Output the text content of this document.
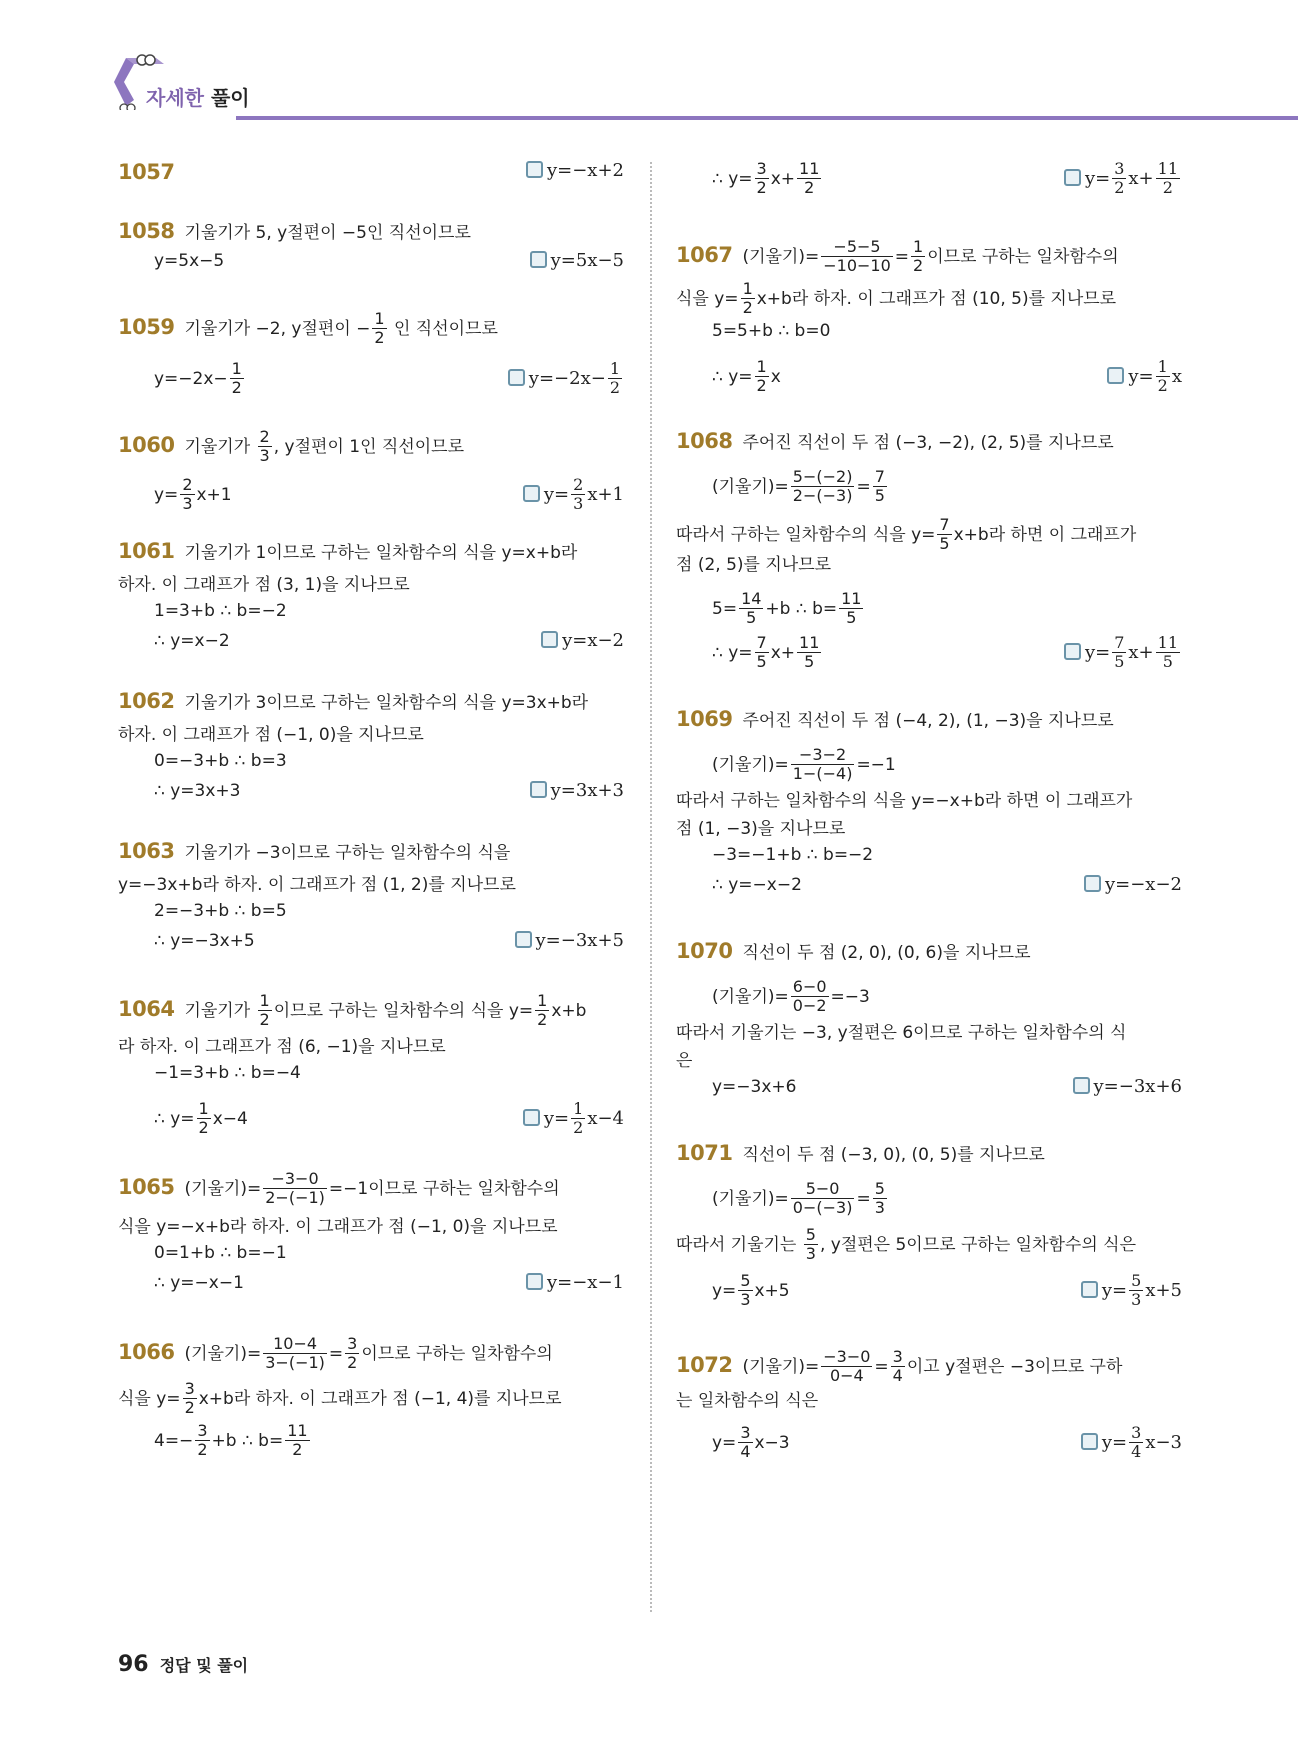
자세한 풀이
1057	y=−x+2
1058 기울기가 5, y절편이 −5인 직선이므로
y=5x−5	y=5x−5
1059 기울기가 −2, y절편이 − $\frac{1}{2}$ 인 직선이므로
$y=-2x- \frac{1}{2}$	$y=-2x- \frac{1}{2}$
1060 기울기가 $\frac{2}{3}$ , y절편이 1인 직선이므로
$y= \frac{2}{3} x+1$	$y= \frac{2}{3} x+1$
1061 기울기가 1이므로 구하는 일차함수의 식을 y=x+b라
하자. 이 그래프가 점 (3, 1)을 지나므로
1=3+b ∴ b=−2
∴ y=x−2	y=x−2
1062 기울기가 3이므로 구하는 일차함수의 식을 y=3x+b라
하자. 이 그래프가 점 (−1, 0)을 지나므로
0=−3+b ∴ b=3
∴ y=3x+3	y=3x+3
1063 기울기가 −3이므로 구하는 일차함수의 식을
y=−3x+b라 하자. 이 그래프가 점 (1, 2)를 지나므로
2=−3+b ∴ b=5
∴ y=−3x+5	y=−3x+5
1064 기울기가 $\frac{1}{2}$ 이므로 구하는 일차함수의 식을 $y= \frac{1}{2} x+b$
라 하자. 이 그래프가 점 (6, −1)을 지나므로
−1=3+b ∴ b=−4
∴ $y= \frac{1}{2} x-4$	$y= \frac{1}{2} x-4$
1065 (기울기)= $\frac{-3-0}{2-(-1)} =-1$이므로 구하는 일차함수의
식을 y=−x+b라 하자. 이 그래프가 점 (−1, 0)을 지나므로
0=1+b ∴ b=−1
∴ y=−x−1	y=−x−1
1066 (기울기)= $\frac{10-4}{3-(-1)} = \frac{3}{2}$ 이므로 구하는 일차함수의
식을 $y= \frac{3}{2} x+b$라 하자. 이 그래프가 점 (−1, 4)를 지나므로
$4=- \frac{3}{2} +b$ ∴ $b= \frac{11}{2}$
∴ $y= \frac{3}{2} x+ \frac{11}{2}$	$y= \frac{3}{2} x+ \frac{11}{2}$
1067 (기울기)= $\frac{-5-5}{-10-10} = \frac{1}{2}$ 이므로 구하는 일차함수의
식을 $y= \frac{1}{2} x+b$라 하자. 이 그래프가 점 (10, 5)를 지나므로
5=5+b ∴ b=0
∴ $y= \frac{1}{2}$ x	$y= \frac{1}{2}$ x
1068 주어진 직선이 두 점 (−3, −2), (2, 5)를 지나므로
(기울기)= $\frac{5-(-2)}{2-(-3)} = \frac{7}{5}$
따라서 구하는 일차함수의 식을 $y= \frac{7}{5} x+b$라 하면 이 그래프가
점 (2, 5)를 지나므로
$5= \frac{14}{5} +b$ ∴ $b= \frac{11}{5}$
∴ $y= \frac{7}{5} x+ \frac{11}{5}$	$y= \frac{7}{5} x+ \frac{11}{5}$
1069 주어진 직선이 두 점 (−4, 2), (1, −3)을 지나므로
(기울기)= $\frac{-3-2}{1-(-4)} =-1$
따라서 구하는 일차함수의 식을 y=−x+b라 하면 이 그래프가
점 (1, −3)을 지나므로
−3=−1+b ∴ b=−2
∴ y=−x−2	y=−x−2
1070 직선이 두 점 (2, 0), (0, 6)을 지나므로
(기울기)= $\frac{6-0}{0-2} =-3$
따라서 기울기는 −3, y절편은 6이므로 구하는 일차함수의 식
은
y=−3x+6	y=−3x+6
1071 직선이 두 점 (−3, 0), (0, 5)를 지나므로
(기울기)= $\frac{5-0}{0-(-3)} = \frac{5}{3}$
따라서 기울기는 $\frac{5}{3}$ , y절편은 5이므로 구하는 일차함수의 식은
$y= \frac{5}{3} x+5$	$y= \frac{5}{3} x+5$
1072 (기울기)= $\frac{-3-0}{0-4} = \frac{3}{4}$ 이고 y절편은 −3이므로 구하
는 일차함수의 식은
$y= \frac{3}{4} x-3$	$y= \frac{3}{4} x-3$
96 정답 및 풀이
